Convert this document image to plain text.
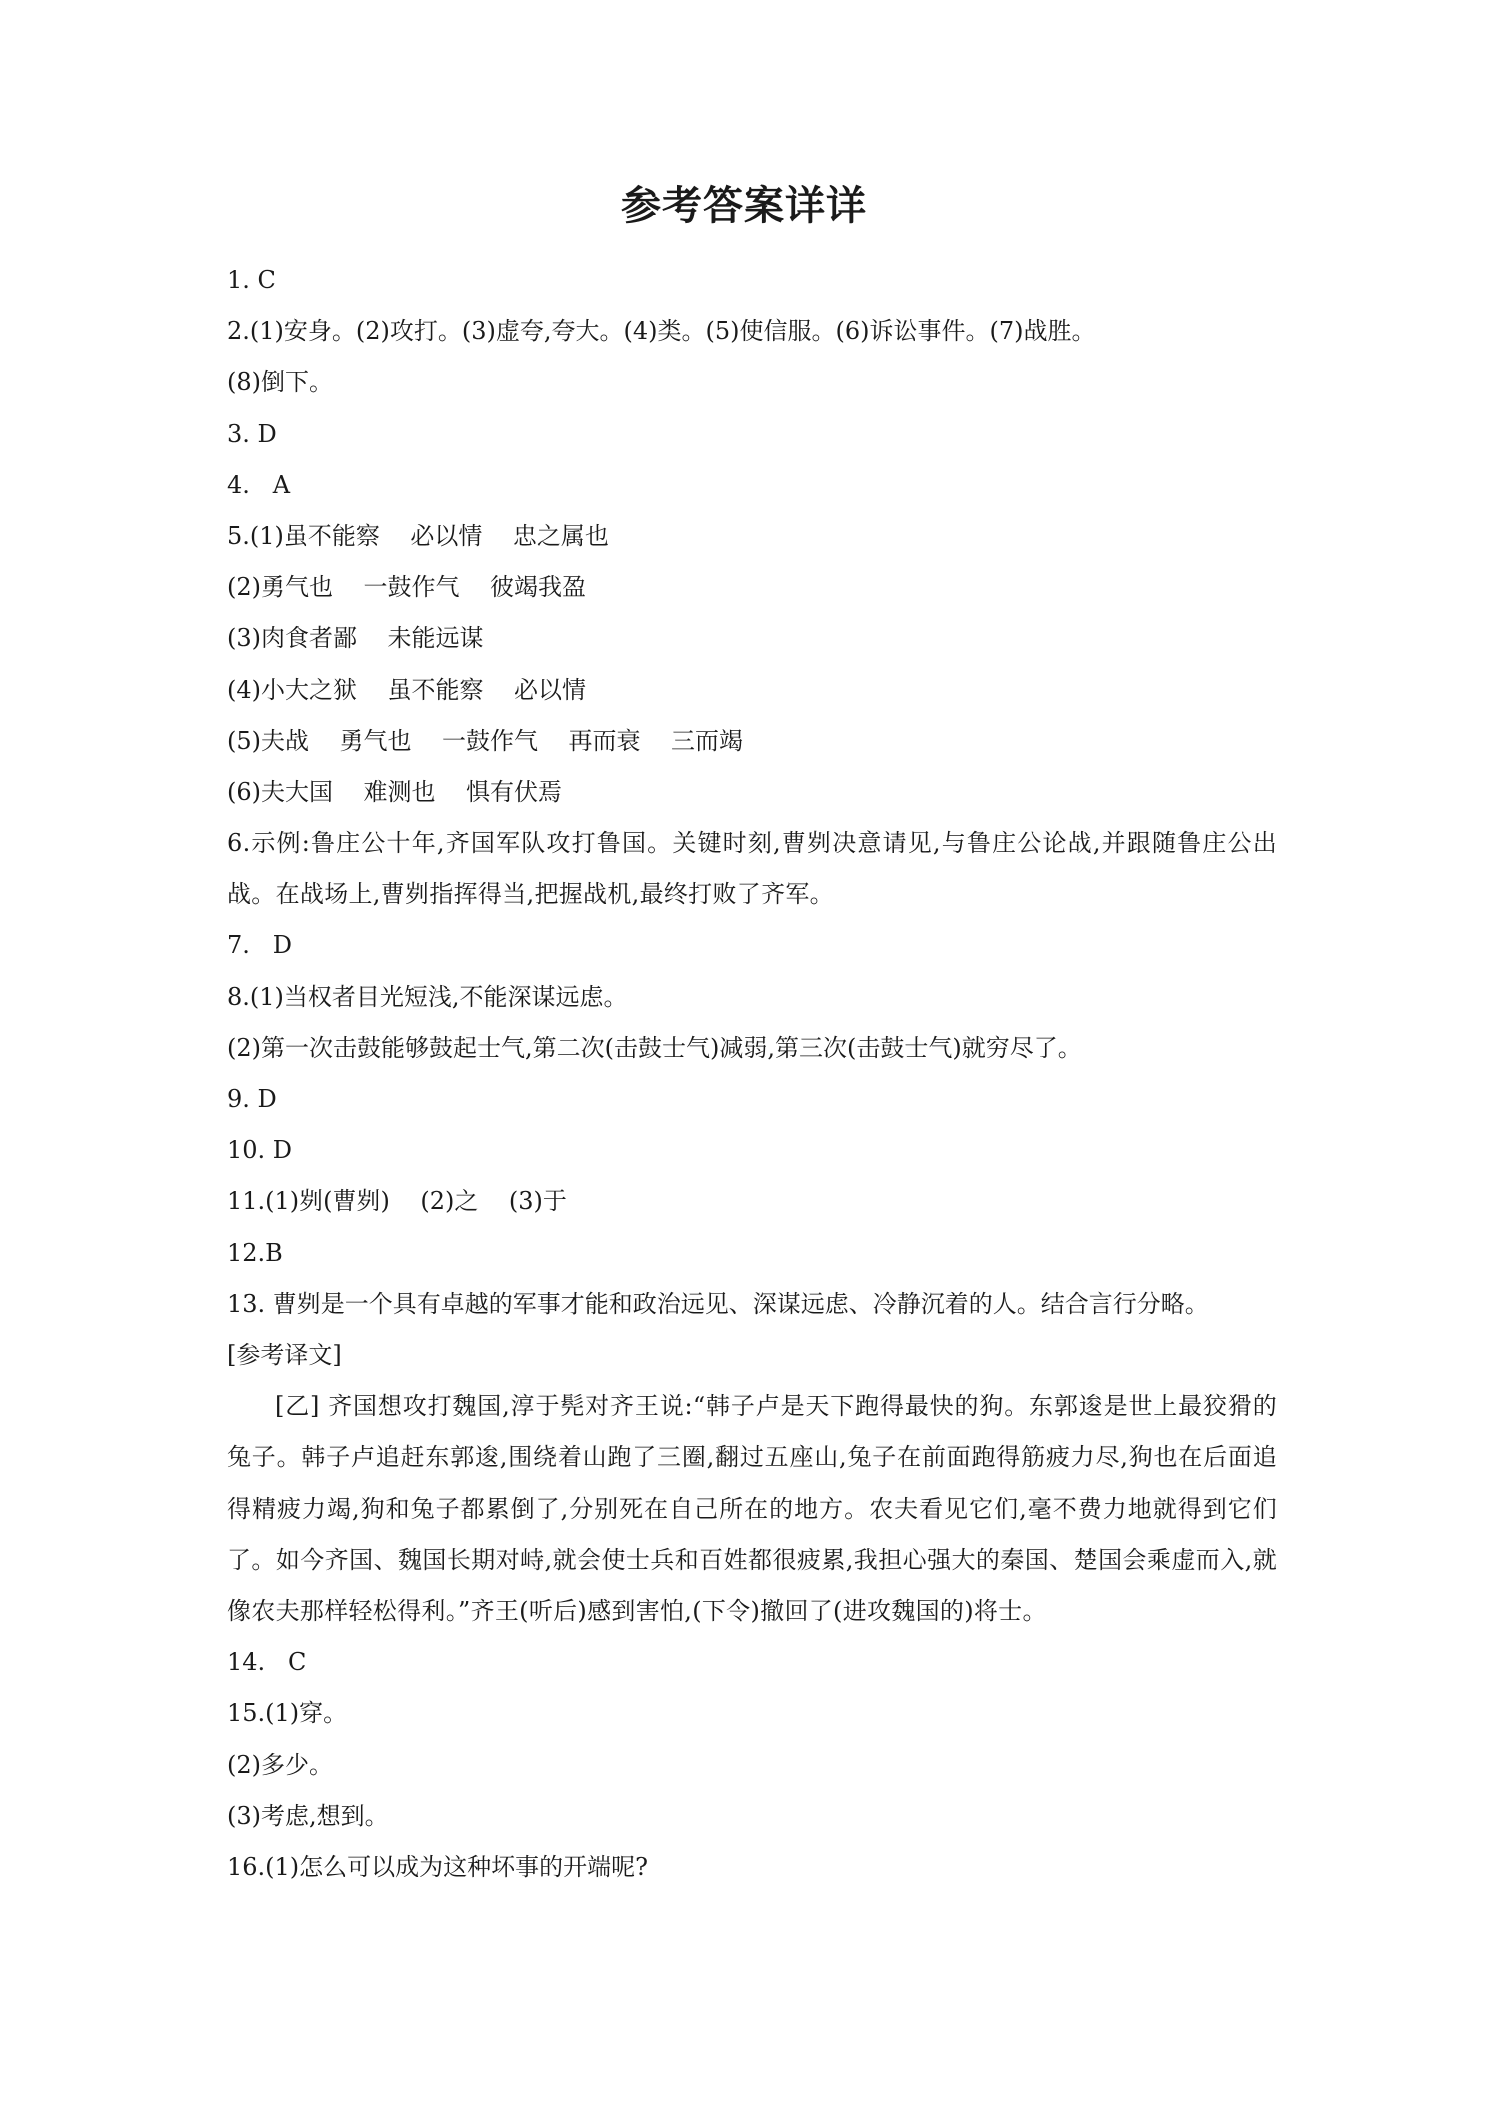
参考答案详详
1. C
2.(1)安身。(2)攻打。(3)虚夸,夸大。(4)类。(5)使信服。(6)诉讼事件。(7)战胜。
(8)倒下。
3. D
4.   A
5.(1)虽不能察    必以情    忠之属也
(2)勇气也    一鼓作气    彼竭我盈
(3)肉食者鄙    未能远谋
(4)小大之狱    虽不能察    必以情
(5)夫战    勇气也    一鼓作气    再而衰    三而竭
(6)夫大国    难测也    惧有伏焉
6.示例:鲁庄公十年,齐国军队攻打鲁国。关键时刻,曹刿决意请见,与鲁庄公论战,并跟随鲁庄公出战。在战场上,曹刿指挥得当,把握战机,最终打败了齐军。
7.   D
8.(1)当权者目光短浅,不能深谋远虑。
(2)第一次击鼓能够鼓起士气,第二次(击鼓士气)减弱,第三次(击鼓士气)就穷尽了。
9. D
10. D
11.(1)刿(曹刿)    (2)之    (3)于
12.B
13. 曹刿是一个具有卓越的军事才能和政治远见、深谋远虑、冷静沉着的人。结合言行分略。
[参考译文]
[乙] 齐国想攻打魏国,淳于髡对齐王说:“韩子卢是天下跑得最快的狗。东郭逡是世上最狡猾的兔子。韩子卢追赶东郭逡,围绕着山跑了三圈,翻过五座山,兔子在前面跑得筋疲力尽,狗也在后面追得精疲力竭,狗和兔子都累倒了,分别死在自己所在的地方。农夫看见它们,毫不费力地就得到它们了。如今齐国、魏国长期对峙,就会使士兵和百姓都很疲累,我担心强大的秦国、楚国会乘虚而入,就像农夫那样轻松得利。”齐王(听后)感到害怕,(下令)撤回了(进攻魏国的)将士。
14.   C
15.(1)穿。
(2)多少。
(3)考虑,想到。
16.(1)怎么可以成为这种坏事的开端呢?
